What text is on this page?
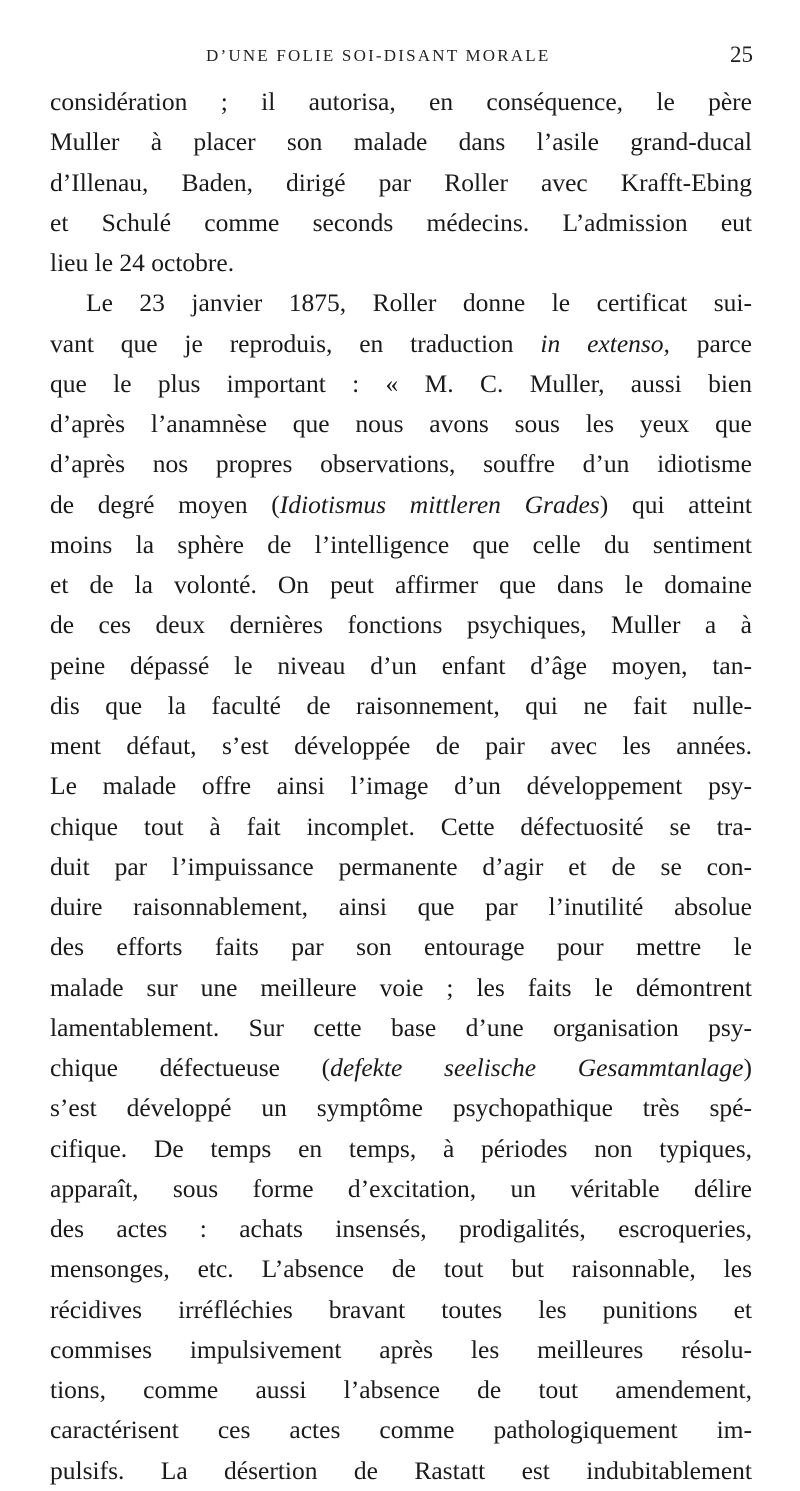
D’UNE FOLIE SOI-DISANT MORALE	25
considération ; il autorisa, en conséquence, le père
Muller à placer son malade dans l’asile grand-ducal
d’Illenau, Baden, dirigé par Roller avec Krafft-Ebing
et Schulé comme seconds médecins. L’admission eut
lieu le 24 octobre.
Le 23 janvier 1875, Roller donne le certificat sui-
vant que je reproduis, en traduction in extenso, parce
que le plus important : « M. C. Muller, aussi bien
d’après l’anamnèse que nous avons sous les yeux que
d’après nos propres observations, souffre d’un idiotisme
de degré moyen (Idiotismus mittleren Grades) qui atteint
moins la sphère de l’intelligence que celle du sentiment
et de la volonté. On peut affirmer que dans le domaine
de ces deux dernières fonctions psychiques, Muller a à
peine dépassé le niveau d’un enfant d’âge moyen, tan-
dis que la faculté de raisonnement, qui ne fait nulle-
ment défaut, s’est développée de pair avec les années.
Le malade offre ainsi l’image d’un développement psy-
chique tout à fait incomplet. Cette défectuosité se tra-
duit par l’impuissance permanente d’agir et de se con-
duire raisonnablement, ainsi que par l’inutilité absolue
des efforts faits par son entourage pour mettre le
malade sur une meilleure voie ; les faits le démontrent
lamentablement. Sur cette base d’une organisation psy-
chique défectueuse (defekte seelische Gesammtanlage)
s’est développé un symptôme psychopathique très spé-
cifique. De temps en temps, à périodes non typiques,
apparaît, sous forme d’excitation, un véritable délire
des actes : achats insensés, prodigalités, escroqueries,
mensonges, etc. L’absence de tout but raisonnable, les
récidives irréfléchies bravant toutes les punitions et
commises impulsivement après les meilleures résolu-
tions, comme aussi l’absence de tout amendement,
caractérisent ces actes comme pathologiquement im-
pulsifs. La désertion de Rastatt est indubitablement
